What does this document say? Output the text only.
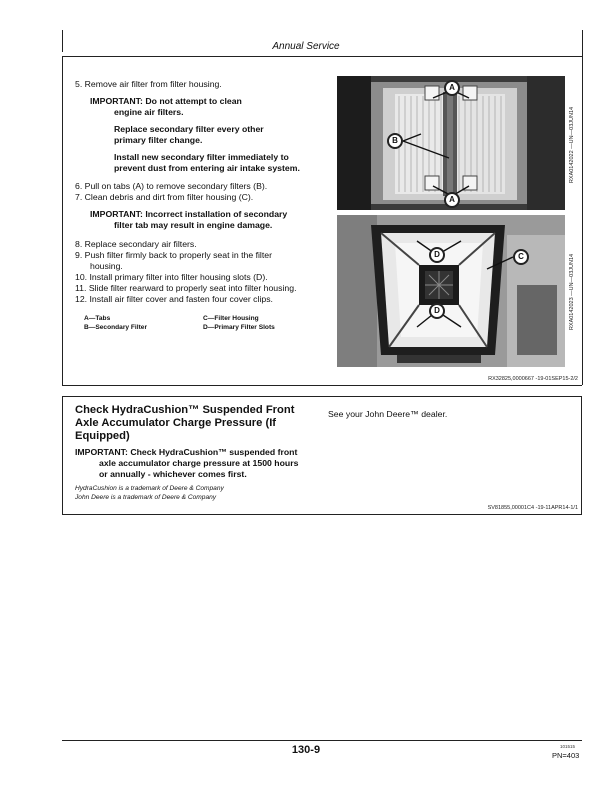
Annual Service
5. Remove air filter from filter housing.
IMPORTANT: Do not attempt to clean
engine air filters.
Replace secondary filter every other
primary filter change.
Install new secondary filter immediately to
prevent dust from entering air intake system.
6. Pull on tabs (A) to remove secondary filters (B).
7. Clean debris and dirt from filter housing (C).
IMPORTANT: Incorrect installation of secondary
filter tab may result in engine damage.
8. Replace secondary air filters.
9. Push filter firmly back to properly seat in the filter
housing.
10. Install primary filter into filter housing slots (D).
11. Slide filter rearward to properly seat into filter housing.
12. Install air filter cover and fasten four cover clips.
A—Tabs
B—Secondary Filter
C—Filter Housing
D—Primary Filter Slots
A
B
A
D	C
D
RXA0142022 —UN—03JUN14
RXA0142023 —UN—03JUN14
RX32825,0000667 -19-01SEP15-2/2
Check HydraCushion™ Suspended Front
Axle Accumulator Charge Pressure (If
Equipped)
IMPORTANT: Check HydraCushion™ suspended front
axle accumulator charge pressure at 1500 hours
or annually - whichever comes first.
HydraCushion is a trademark of Deere & Company
John Deere is a trademark of Deere & Company
See your John Deere™ dealer.
SV81855,00001C4 -19-11APR14-1/1
130-9	101515
PN=403
